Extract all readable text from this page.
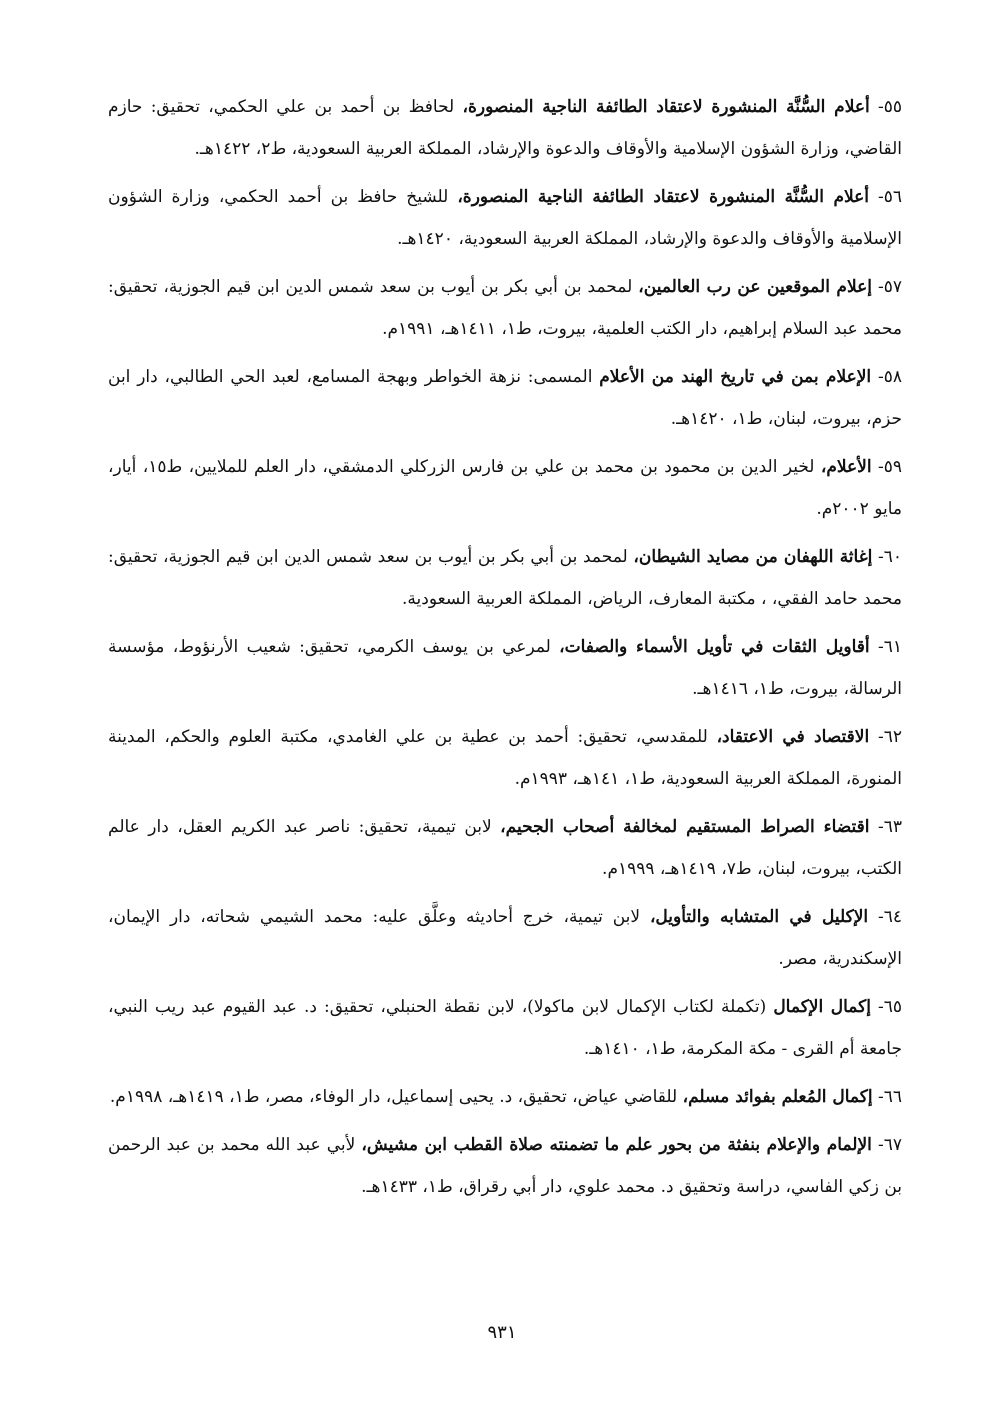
٥٥- أعلام السُّنَّة المنشورة لاعتقاد الطائفة الناجية المنصورة، لحافظ بن أحمد بن علي الحكمي، تحقيق: حازم القاضي، وزارة الشؤون الإسلامية والأوقاف والدعوة والإرشاد، المملكة العربية السعودية، ط٢، ١٤٢٢هـ.

٥٦- أعلام السُّنَّة المنشورة لاعتقاد الطائفة الناجية المنصورة، للشيخ حافظ بن أحمد الحكمي، وزارة الشؤون الإسلامية والأوقاف والدعوة والإرشاد، المملكة العربية السعودية، ١٤٢٠هـ.

٥٧- إعلام الموقعين عن رب العالمين، لمحمد بن أبي بكر بن أيوب بن سعد شمس الدين ابن قيم الجوزية، تحقيق: محمد عبد السلام إبراهيم، دار الكتب العلمية، بيروت، ط١، ١٤١١هـ، ١٩٩١م.

٥٨- الإعلام بمن في تاريخ الهند من الأعلام المسمى: نزهة الخواطر وبهجة المسامع، لعبد الحي الطالبي، دار ابن حزم، بيروت، لبنان، ط١، ١٤٢٠هـ.

٥٩- الأعلام، لخير الدين بن محمود بن محمد بن علي بن فارس الزركلي الدمشقي، دار العلم للملايين، ط١٥، أيار، مايو ٢٠٠٢م.

٦٠- إغاثة اللهفان من مصايد الشيطان، لمحمد بن أبي بكر بن أيوب بن سعد شمس الدين ابن قيم الجوزية، تحقيق: محمد حامد الفقي، ، مكتبة المعارف، الرياض، المملكة العربية السعودية.

٦١- أقاويل الثقات في تأويل الأسماء والصفات، لمرعي بن يوسف الكرمي، تحقيق: شعيب الأرنؤوط، مؤسسة الرسالة، بيروت، ط١، ١٤١٦هـ.

٦٢- الاقتصاد في الاعتقاد، للمقدسي، تحقيق: أحمد بن عطية بن علي الغامدي، مكتبة العلوم والحكم، المدينة المنورة، المملكة العربية السعودية، ط١، ١٤١هـ، ١٩٩٣م.

٦٣- اقتضاء الصراط المستقيم لمخالفة أصحاب الجحيم، لابن تيمية، تحقيق: ناصر عبد الكريم العقل، دار عالم الكتب، بيروت، لبنان، ط٧، ١٤١٩هـ، ١٩٩٩م.

٦٤- الإكليل في المتشابه والتأويل، لابن تيمية، خرج أحاديثه وعلَّق عليه: محمد الشيمي شحاته، دار الإيمان، الإسكندرية، مصر.

٦٥- إكمال الإكمال (تكملة لكتاب الإكمال لابن ماكولا)، لابن نقطة الحنبلي، تحقيق: د. عبد القيوم عبد ريب النبي، جامعة أم القرى - مكة المكرمة، ط١، ١٤١٠هـ.

٦٦- إكمال المُعلم بفوائد مسلم، للقاضي عياض، تحقيق، د. يحيى إسماعيل، دار الوفاء، مصر، ط١، ١٤١٩هـ، ١٩٩٨م.

٦٧- الإلمام والإعلام بنفثة من بحور علم ما تضمنته صلاة القطب ابن مشيش، لأبي عبد الله محمد بن عبد الرحمن بن زكي الفاسي، دراسة وتحقيق د. محمد علوي، دار أبي رقراق، ط١، ١٤٣٣هـ.

٩٣١
